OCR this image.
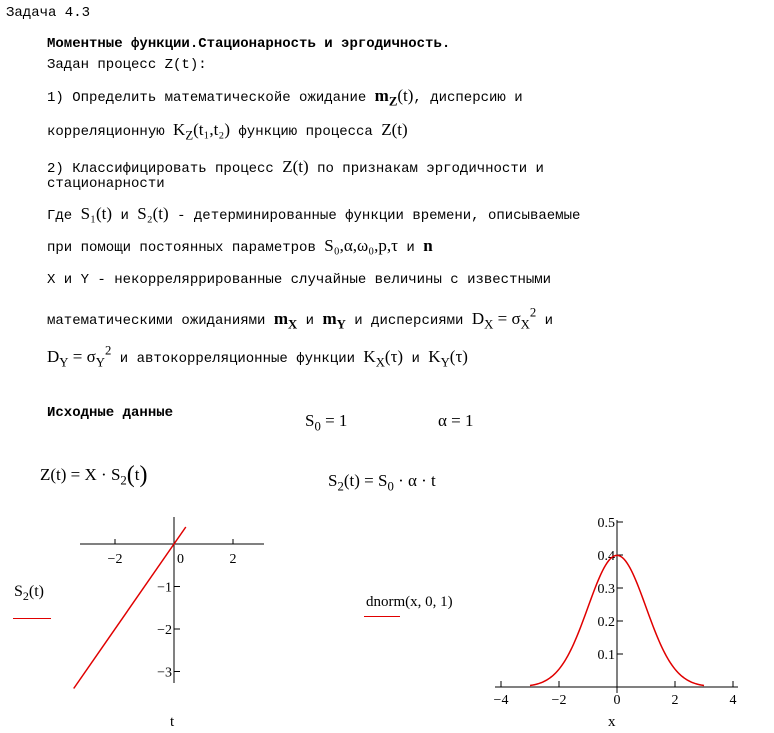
Задача 4.3
Моментные функции.Стационарность и эргодичность.
Задан процесс Z(t):
1) Определить математическойе ожидание $m_Z(t)$, дисперсию и
корреляционную $K_Z(t_1,t_2)$ функцию процесса Z(t)
2) Классифицировать процесс Z(t) по признакам эргодичности и
стационарности
Где S₁(t) и S₂(t) - детерминированные функции времени, описываемые
при помощи постоянных параметров S₀,α,ω₀,p,τ и n
X и Y - некорреляррированные случайные величины с известными
математическими ожиданиями $m_X$ и $m_Y$ и дисперсиями $D_X = \sigma_X^2$ и
$D_Y = \sigma_Y^2$ и автокорреляционные функции $K_X(\tau)$ и $K_Y(\tau)$
Исходные данные	$S_0 = 1$	α = 1
$Z(t) = X \cdot S_2(t)$	$S_2(t) = S_0 \cdot \alpha \cdot t$
$S_2(t)$
t
dnorm(x, 0, 1)
x
−2	0	2
−1
−2
−3
−4	−2	0	2	4
0.1
0.2
0.3
0.4
0.5
